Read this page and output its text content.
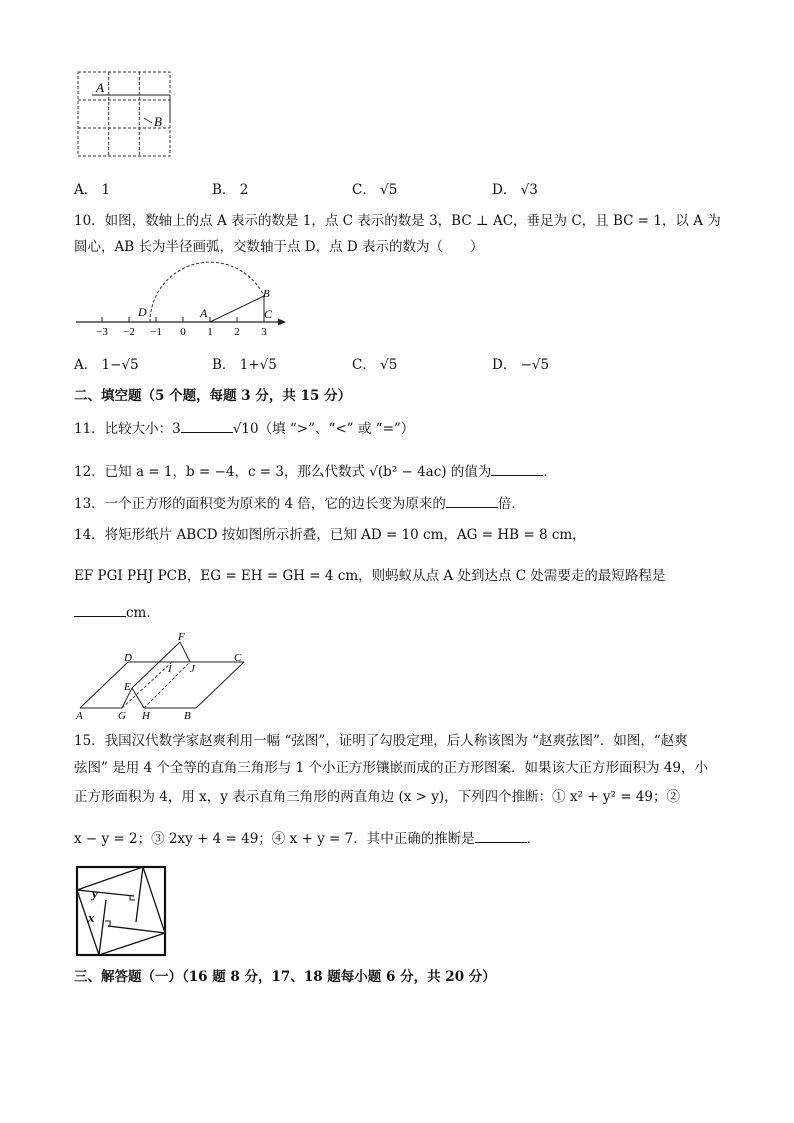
A
B
A． 1	B． 2	C． √5	D． √3
10．如图，数轴上的点 A 表示的数是 1，点 C 表示的数是 3，BC ⊥ AC，垂足为 C，且 BC = 1，以 A 为
圆心，AB 长为半径画弧，交数轴于点 D，点 D 表示的数为（　　）
D	A
B
C
−3 −2 −1 0 1 2 3
A． 1−√5	B． 1+√5	C． √5	D． −√5
二、填空题（5 个题，每题 3 分，共 15 分）
11．比较大小：3	√10（填 “>”、“<” 或 “=”）
12．已知 a = 1，b = −4，c = 3，那么代数式 √(b² − 4ac) 的值为	．
13．一个正方形的面积变为原来的 4 倍，它的边长变为原来的	倍．
14．将矩形纸片 ABCD 按如图所示折叠，已知 AD = 10 cm，AG = HB = 8 cm，
EF PGI PHJ PCB，EG = EH = GH = 4 cm，则蚂蚁从点 A 处到达点 C 处需要走的最短路程是
cm．
F
D	C
I J
E
A	G H	B
15．我国汉代数学家赵爽利用一幅 “弦图”，证明了勾股定理，后人称该图为 “赵爽弦图”．如图，“赵爽
弦图” 是用 4 个全等的直角三角形与 1 个小正方形镶嵌而成的正方形图案．如果该大正方形面积为 49，小
正方形面积为 4，用 x，y 表示直角三角形的两直角边 (x > y)，下列四个推断：① x² + y² = 49；②
x − y = 2；③ 2xy + 4 = 49；④ x + y = 7．其中正确的推断是	．
y
x
三、解答题（一）（16 题 8 分，17、18 题每小题 6 分，共 20 分）
